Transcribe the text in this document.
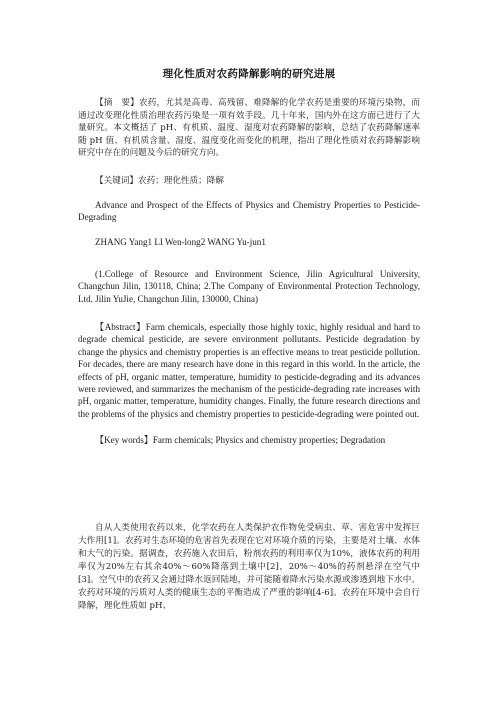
理化性质对农药降解影响的研究进展

【摘　要】农药，尤其是高毒、高残留、难降解的化学农药是重要的环境污染物，而通过改变理化性质治理农药污染是一项有效手段。几十年来，国内外在这方面已进行了大量研究。本文概括了 pH、有机质、温度、湿度对农药降解的影响，总结了农药降解速率随 pH 值、有机质含量、湿度、温度变化而变化的机理，指出了理化性质对农药降解影响研究中存在的问题及今后的研究方向。

【关键词】农药；理化性质；降解

Advance and Prospect of the Effects of Physics and Chemistry Properties to Pesticide-Degrading

ZHANG Yang1 LI Wen-long2 WANG Yu-jun1

(1.College of Resource and Environment Science, Jilin Agricultural University, Changchun Jilin, 130118, China; 2.The Company of Environmental Protection Technology, Ltd. Jilin YuJie, Changchun Jilin, 130000, China)

【Abstract】Farm chemicals, especially those highly toxic, highly residual and hard to degrade chemical pesticide, are severe environment pollutants. Pesticide degradation by change the physics and chemistry properties is an effective means to treat pesticide pollution. For decades, there are many research have done in this regard in this world. In the article, the effects of pH, organic matter, temperature, humidity to pesticide-degrading and its advances were reviewed, and summarizes the mechanism of the pesticide-degrading rate increases with pH, organic matter, temperature, humidity changes. Finally, the future research directions and the problems of the physics and chemistry properties to pesticide-degrading were pointed out.

【Key words】Farm chemicals; Physics and chemistry properties; Degradation

自从人类使用农药以来，化学农药在人类保护农作物免受病虫、草、害危害中发挥巨大作用[1]。农药对生态环境的危害首先表现在它对环境介质的污染，主要是对土壤、水体和大气的污染。据调查，农药施入农田后，粉剂农药的利用率仅为10%，液体农药的利用率仅为20%左右其余40%～60%降落到土壤中[2]，20%～40%的药剂悬浮在空气中[3]。空气中的农药又会通过降水返回陆地，并可能随着降水污染水源或渗透到地下水中。农药对环境的污质对人类的健康生态的平衡造成了严重的影响[4-6]。农药在环境中会自行降解，理化性质如 pH、
